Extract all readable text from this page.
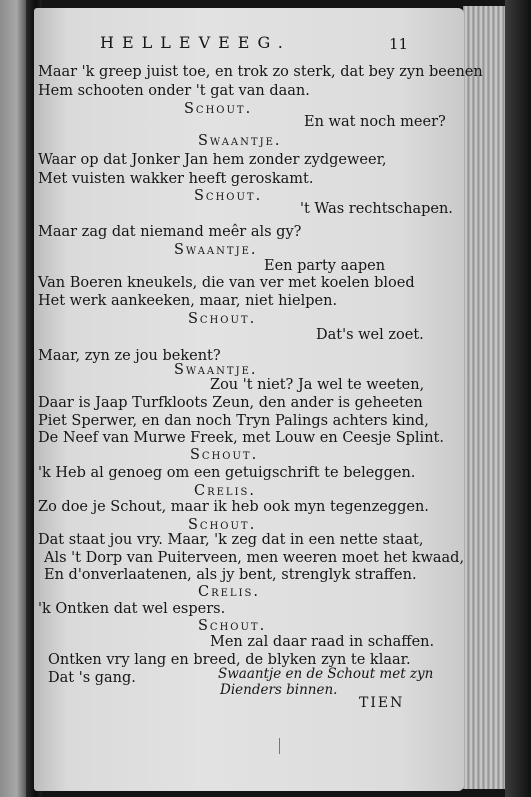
HELLEVEEG.	11
Maar 'k greep juist toe, en trok zo sterk, dat bey zyn beenen
Hem schooten onder 't gat van daan.
Schout.
En wat noch meer?
Swaantje.
Waar op dat Jonker Jan hem zonder zydgeweer,
Met vuisten wakker heeft geroskamt.
Schout.
't Was rechtschapen.
Maar zag dat niemand meêr als gy?
Swaantje.
Een party aapen
Van Boeren kneukels, die van ver met koelen bloed
Het werk aankeeken, maar, niet hielpen.
Schout.
Dat's wel zoet.
Maar, zyn ze jou bekent?
Swaantje.
Zou 't niet? Ja wel te weeten,
Daar is Jaap Turfkloots Zeun, den ander is geheeten
Piet Sperwer, en dan noch Tryn Palings achters kind,
De Neef van Murwe Freek, met Louw en Ceesje Splint.
Schout.
'k Heb al genoeg om een getuigschrift te beleggen.
Crelis.
Zo doe je Schout, maar ik heb ook myn tegenzeggen.
Schout.
Dat staat jou vry. Maar, 'k zeg dat in een nette staat,
Als 't Dorp van Puiterveen, men weeren moet het kwaad,
En d'onverlaatenen, als jy bent, strenglyk straffen.
Crelis.
'k Ontken dat wel espers.
Schout.
Men zal daar raad in schaffen.
Ontken vry lang en breed, de blyken zyn te klaar.
Dat 's gang.	Swaantje en de Schout met zyn
Dienders binnen.
TIEN
